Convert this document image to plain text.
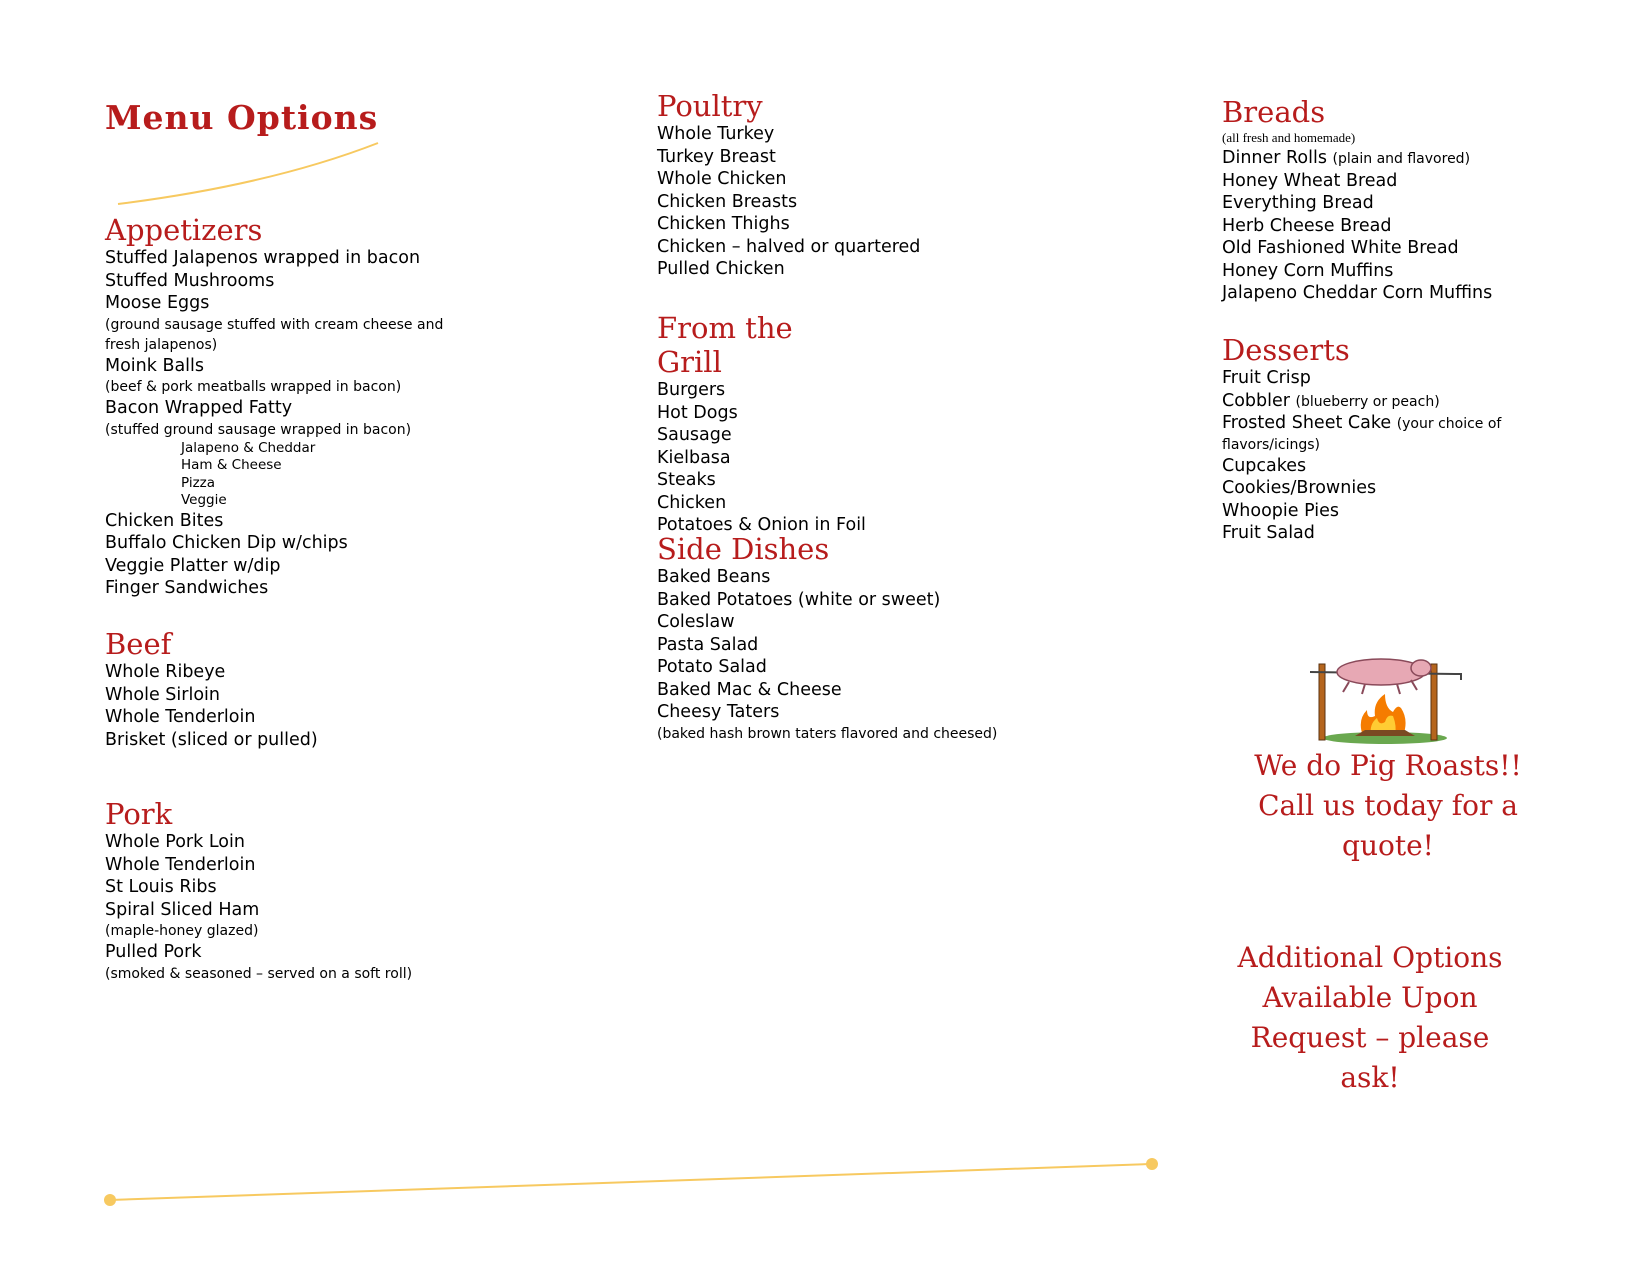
Menu Options
Appetizers
Stuffed Jalapenos wrapped in bacon
Stuffed Mushrooms
Moose Eggs
(ground sausage stuffed with cream cheese and
fresh jalapenos)
Moink Balls
(beef & pork meatballs wrapped in bacon)
Bacon Wrapped Fatty
(stuffed ground sausage wrapped in bacon)
Jalapeno & Cheddar
Ham & Cheese
Pizza
Veggie
Chicken Bites
Buffalo Chicken Dip w/chips
Veggie Platter w/dip
Finger Sandwiches
Beef
Whole Ribeye
Whole Sirloin
Whole Tenderloin
Brisket (sliced or pulled)
Pork
Whole Pork Loin
Whole Tenderloin
St Louis Ribs
Spiral Sliced Ham
(maple-honey glazed)
Pulled Pork
(smoked & seasoned – served on a soft roll)
Poultry
Whole Turkey
Turkey Breast
Whole Chicken
Chicken Breasts
Chicken Thighs
Chicken – halved or quartered
Pulled Chicken
From the Grill
Burgers
Hot Dogs
Sausage
Kielbasa
Steaks
Chicken
Potatoes & Onion in Foil
Side Dishes
Baked Beans
Baked Potatoes (white or sweet)
Coleslaw
Pasta Salad
Potato Salad
Baked Mac & Cheese
Cheesy Taters
(baked hash brown taters flavored and cheesed)
Breads
(all fresh and homemade)
Dinner Rolls (plain and flavored)
Honey Wheat Bread
Everything Bread
Herb Cheese Bread
Old Fashioned White Bread
Honey Corn Muffins
Jalapeno Cheddar Corn Muffins
Desserts
Fruit Crisp
Cobbler (blueberry or peach)
Frosted Sheet Cake (your choice of
flavors/icings)
Cupcakes
Cookies/Brownies
Whoopie Pies
Fruit Salad
We do Pig Roasts!!
Call us today for a
quote!
Additional Options
Available Upon
Request – please
ask!
